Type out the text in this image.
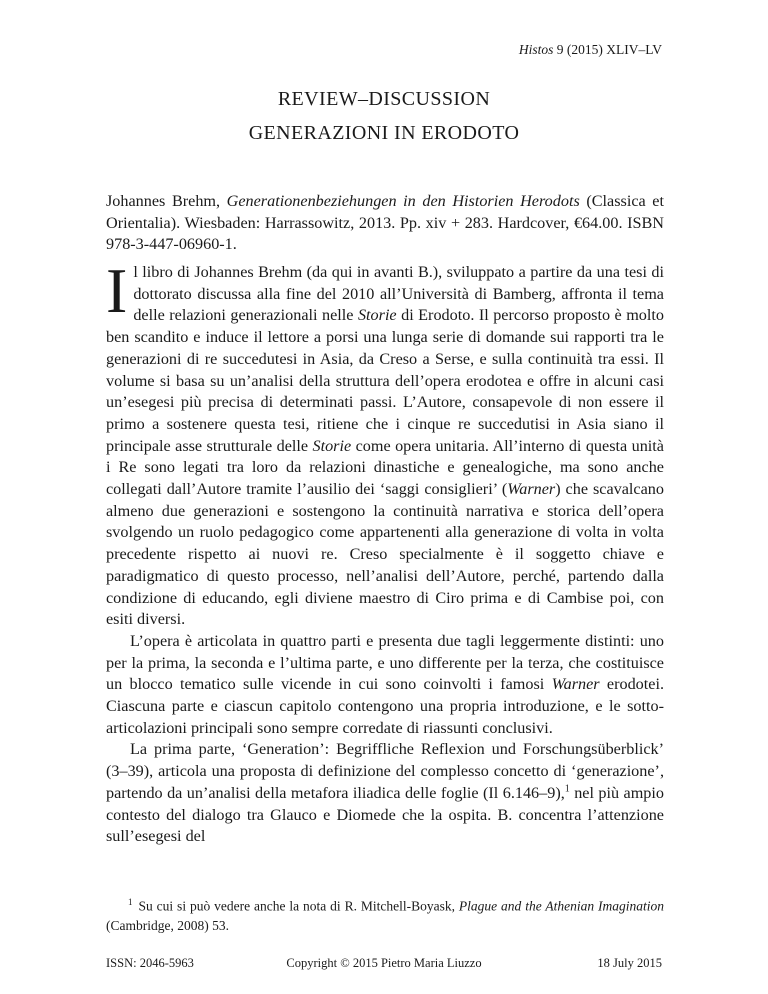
Histos 9 (2015) XLIV–LV
REVIEW–DISCUSSION
GENERAZIONI IN ERODOTO
Johannes Brehm, Generationenbeziehungen in den Historien Herodots (Classica et Orientalia). Wiesbaden: Harrassowitz, 2013. Pp. xiv + 283. Hardcover, €64.00. ISBN 978-3-447-06960-1.

Il libro di Johannes Brehm (da qui in avanti B.), sviluppato a partire da una tesi di dottorato discussa alla fine del 2010 all’Università di Bamberg, affronta il tema delle relazioni generazionali nelle Storie di Erodoto. Il percorso proposto è molto ben scandito e induce il lettore a porsi una lunga serie di domande sui rapporti tra le generazioni di re succedutesi in Asia, da Creso a Serse, e sulla continuità tra essi. Il volume si basa su un’analisi della struttura dell’opera erodotea e offre in alcuni casi un’esegesi più precisa di determinati passi. L’Autore, consapevole di non essere il primo a sostenere questa tesi, ritiene che i cinque re succedutisi in Asia siano il principale asse strutturale delle Storie come opera unitaria. All’interno di questa unità i Re sono legati tra loro da relazioni dinastiche e genealogiche, ma sono anche collegati dall’Autore tramite l’ausilio dei ‘saggi consiglieri’ (Warner) che scavalcano almeno due generazioni e sostengono la continuità narrativa e storica dell’opera svolgendo un ruolo pedagogico come appartenenti alla generazione di volta in volta precedente rispetto ai nuovi re. Creso specialmente è il soggetto chiave e paradigmatico di questo processo, nell’analisi dell’Autore, perché, partendo dalla condizione di educando, egli diviene maestro di Ciro prima e di Cambise poi, con esiti diversi.

L’opera è articolata in quattro parti e presenta due tagli leggermente distinti: uno per la prima, la seconda e l’ultima parte, e uno differente per la terza, che costituisce un blocco tematico sulle vicende in cui sono coinvolti i famosi Warner erodotei. Ciascuna parte e ciascun capitolo contengono una propria introduzione, e le sotto-articolazioni principali sono sempre corredate di riassunti conclusivi.

La prima parte, ‘Generation’: Begriffliche Reflexion und Forschungsüberblick’ (3–39), articola una proposta di definizione del complesso concetto di ‘generazione’, partendo da un’analisi della metafora iliadica delle foglie (Il 6.146–9),$^1$ nel più ampio contesto del dialogo tra Glauco e Diomede che la ospita. B. concentra l’attenzione sull’esegesi del

$^1$ Su cui si può vedere anche la nota di R. Mitchell-Boyask, Plague and the Athenian Imagination (Cambridge, 2008) 53.
ISSN: 2046-5963	Copyright © 2015 Pietro Maria Liuzzo	18 July 2015
